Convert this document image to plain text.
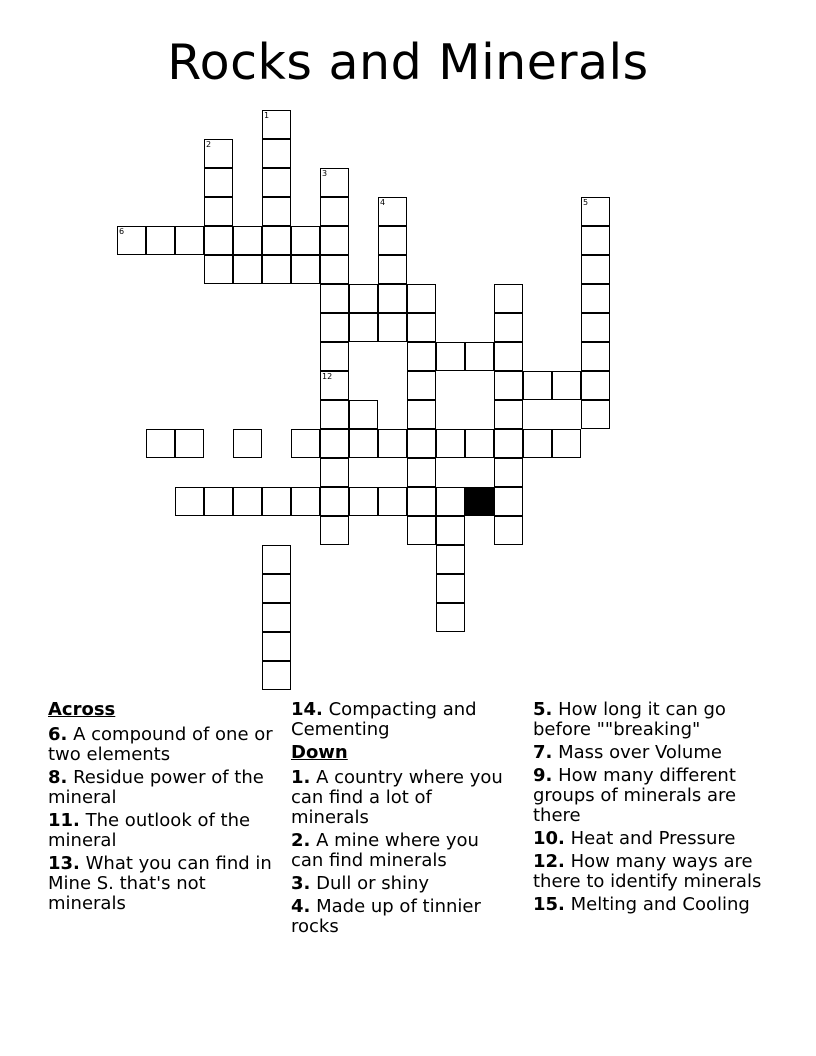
Rocks and Minerals
1
2
3
12
4	5
6
Across
6. A compound of one or two elements
8. Residue power of the mineral
11. The outlook of the mineral
13. What you can find in Mine S. that's not minerals
14. Compacting and Cementing
Down
1. A country where you can find a lot of minerals
2. A mine where you can find minerals
3. Dull or shiny
4. Made up of tinnier rocks
5. How long it can go before ""breaking"
7. Mass over Volume
9. How many different groups of minerals are there
10. Heat and Pressure
12. How many ways are there to identify minerals
15. Melting and Cooling
